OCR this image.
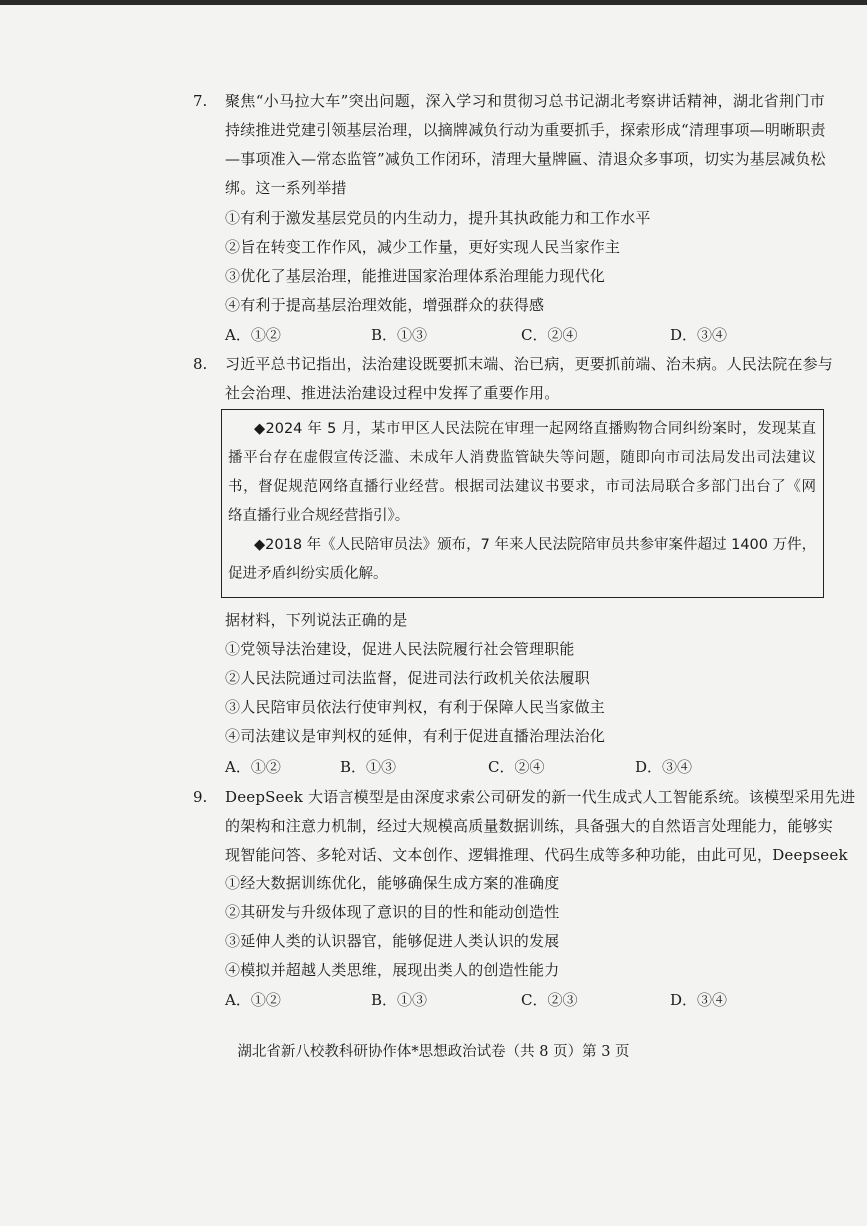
7. 聚焦“小马拉大车”突出问题，深入学习和贯彻习总书记湖北考察讲话精神，湖北省荆门市
持续推进党建引领基层治理，以摘牌减负行动为重要抓手，探索形成“清理事项—明晰职责
—事项准入—常态监管”减负工作闭环，清理大量牌匾、清退众多事项，切实为基层减负松
绑。这一系列举措
①有利于激发基层党员的内生动力，提升其执政能力和工作水平
②旨在转变工作作风，减少工作量，更好实现人民当家作主
③优化了基层治理，能推进国家治理体系治理能力现代化
④有利于提高基层治理效能，增强群众的获得感
A．①②	B．①③	C．②④	D．③④
8. 习近平总书记指出，法治建设既要抓末端、治已病，更要抓前端、治未病。人民法院在参与
社会治理、推进法治建设过程中发挥了重要作用。
◆2024 年 5 月，某市甲区人民法院在审理一起网络直播购物合同纠纷案时，发现某直
播平台存在虚假宣传泛滥、未成年人消费监管缺失等问题，随即向市司法局发出司法建议
书，督促规范网络直播行业经营。根据司法建议书要求，市司法局联合多部门出台了《网
络直播行业合规经营指引》。
◆2018 年《人民陪审员法》颁布，7 年来人民法院陪审员共参审案件超过 1400 万件，
促进矛盾纠纷实质化解。
据材料，下列说法正确的是
①党领导法治建设，促进人民法院履行社会管理职能
②人民法院通过司法监督，促进司法行政机关依法履职
③人民陪审员依法行使审判权，有利于保障人民当家做主
④司法建议是审判权的延伸，有利于促进直播治理法治化
A．①②	B．①③	C．②④	D．③④
9. DeepSeek 大语言模型是由深度求索公司研发的新一代生成式人工智能系统。该模型采用先进
的架构和注意力机制，经过大规模高质量数据训练，具备强大的自然语言处理能力，能够实
现智能问答、多轮对话、文本创作、逻辑推理、代码生成等多种功能，由此可见，Deepseek
①经大数据训练优化，能够确保生成方案的准确度
②其研发与升级体现了意识的目的性和能动创造性
③延伸人类的认识器官，能够促进人类认识的发展
④模拟并超越人类思维，展现出类人的创造性能力
A．①②	B．①③	C．②③	D．③④
湖北省新八校教科研协作体*思想政治试卷（共 8 页）第 3 页
